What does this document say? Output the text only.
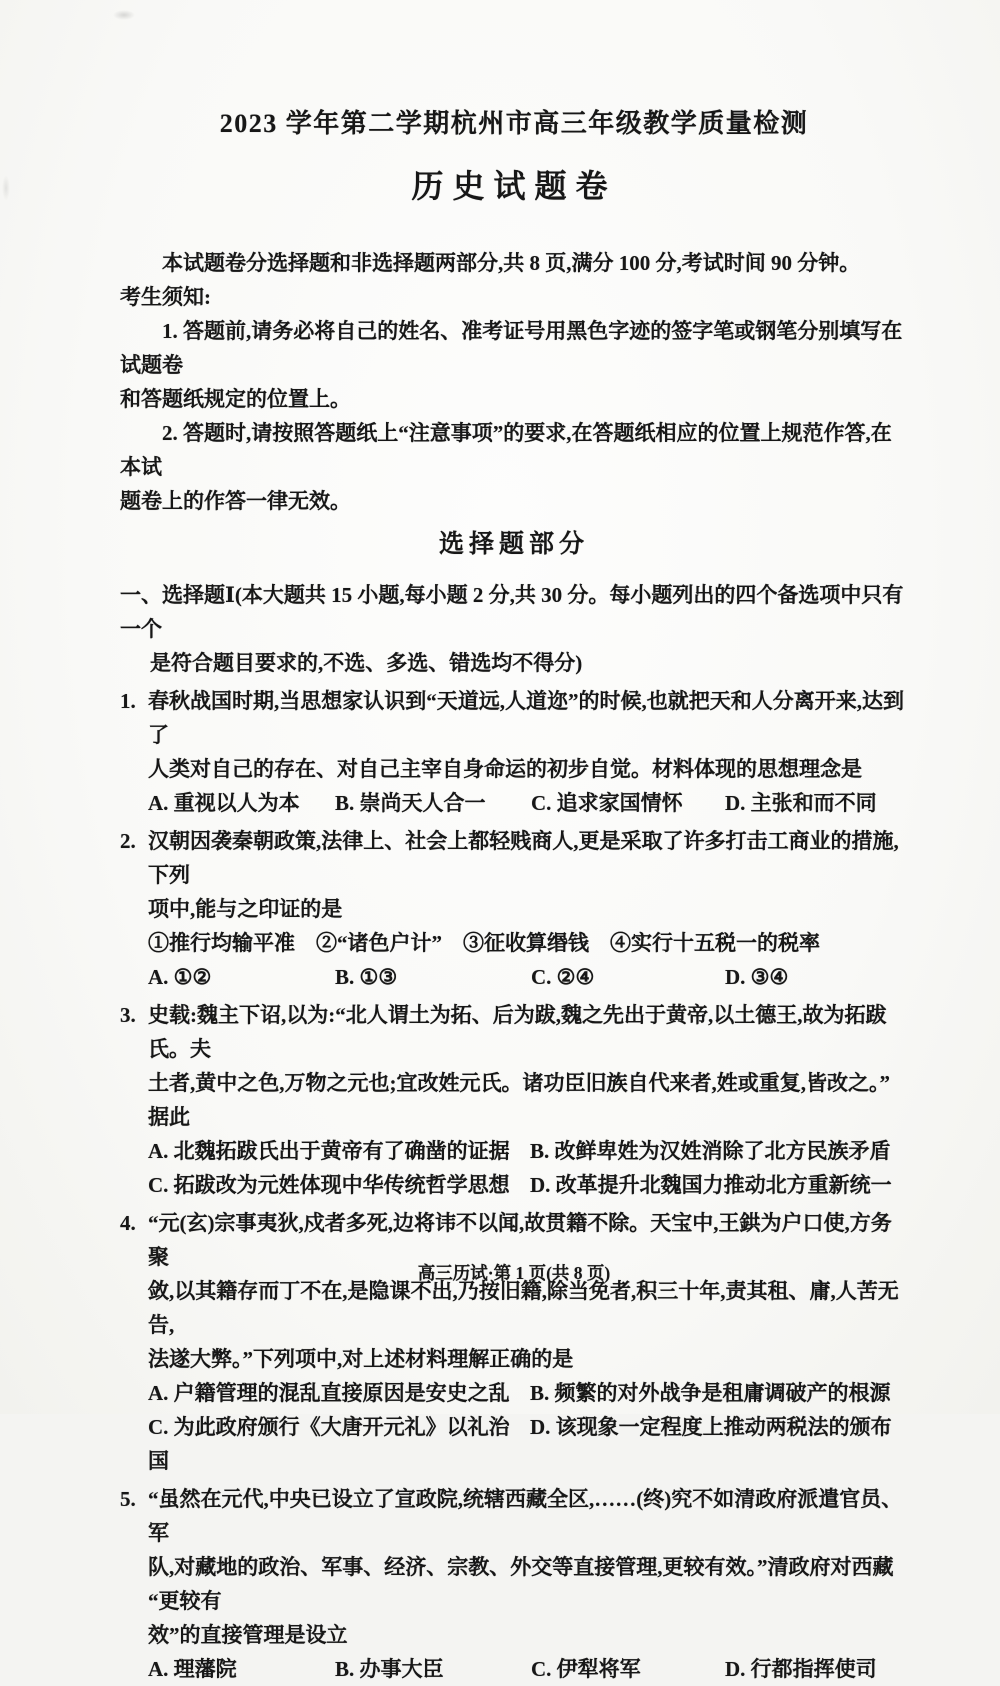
2023 学年第二学期杭州市高三年级教学质量检测
历史试题卷
本试题卷分选择题和非选择题两部分,共 8 页,满分 100 分,考试时间 90 分钟。
考生须知:
1. 答题前,请务必将自己的姓名、准考证号用黑色字迹的签字笔或钢笔分别填写在试题卷
和答题纸规定的位置上。
2. 答题时,请按照答题纸上“注意事项”的要求,在答题纸相应的位置上规范作答,在本试
题卷上的作答一律无效。
选择题部分
一、选择题Ⅰ(本大题共 15 小题,每小题 2 分,共 30 分。每小题列出的四个备选项中只有一个
是符合题目要求的,不选、多选、错选均不得分)
1. 春秋战国时期,当思想家认识到“天道远,人道迩”的时候,也就把天和人分离开来,达到了
人类对自己的存在、对自己主宰自身命运的初步自觉。材料体现的思想理念是
A. 重视以人为本	B. 崇尚天人合一	C. 追求家国情怀	D. 主张和而不同
2. 汉朝因袭秦朝政策,法律上、社会上都轻贱商人,更是采取了许多打击工商业的措施,下列
项中,能与之印证的是
①推行均输平准　②“诸色户计”　③征收算缗钱　④实行十五税一的税率
A. ①②	B. ①③	C. ②④	D. ③④
3. 史载:魏主下诏,以为:“北人谓土为拓、后为跋,魏之先出于黄帝,以土德王,故为拓跋氏。夫
土者,黄中之色,万物之元也;宜改姓元氏。诸功臣旧族自代来者,姓或重复,皆改之。”据此
A. 北魏拓跋氏出于黄帝有了确凿的证据 B. 改鲜卑姓为汉姓消除了北方民族矛盾
C. 拓跋改为元姓体现中华传统哲学思想 D. 改革提升北魏国力推动北方重新统一
4. “元(玄)宗事夷狄,戍者多死,边将讳不以闻,故贯籍不除。天宝中,王鉷为户口使,方务聚
敛,以其籍存而丁不在,是隐课不出,乃按旧籍,除当免者,积三十年,责其租、庸,人苦无告,
法遂大弊。”下列项中,对上述材料理解正确的是
A. 户籍管理的混乱直接原因是安史之乱 B. 频繁的对外战争是租庸调破产的根源
C. 为此政府颁行《大唐开元礼》以礼治国
D. 该现象一定程度上推动两税法的颁布
5. “虽然在元代,中央已设立了宣政院,统辖西藏全区,……(终)究不如清政府派遣官员、军
队,对藏地的政治、军事、经济、宗教、外交等直接管理,更较有效。”清政府对西藏“更较有
效”的直接管理是设立
A. 理藩院	B. 办事大臣	C. 伊犁将军	D. 行都指挥使司
高三历试·第 1 页(共 8 页)
